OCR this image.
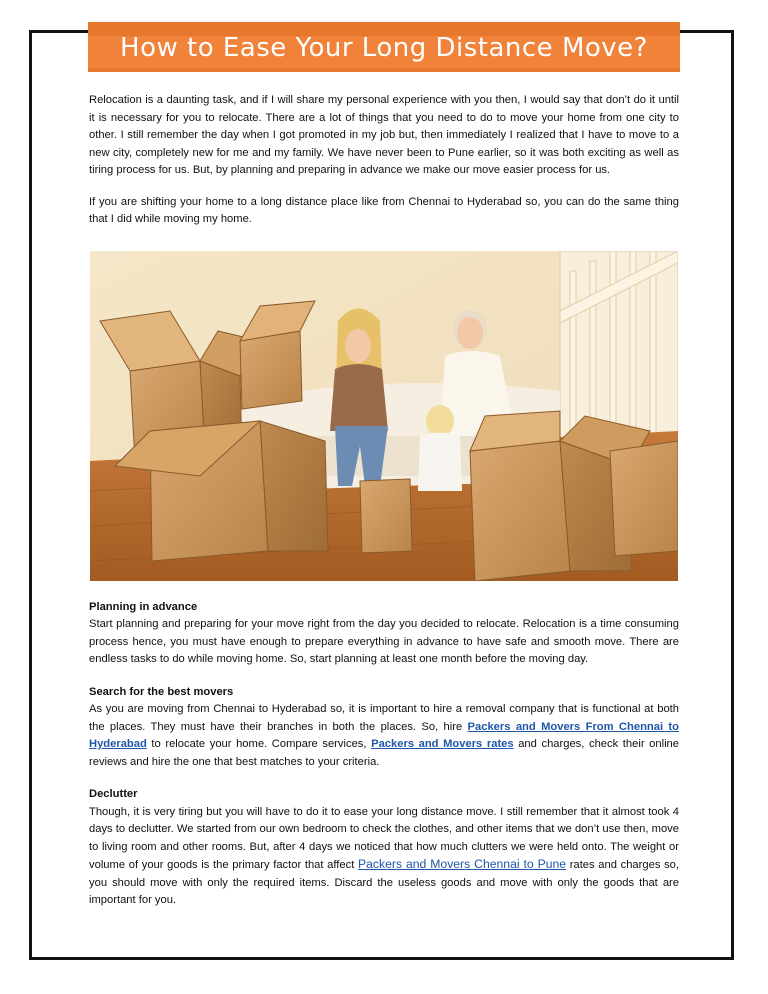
How to Ease Your Long Distance Move?

Relocation is a daunting task, and if I will share my personal experience with you then, I would say that don’t do it until it is necessary for you to relocate. There are a lot of things that you need to do to move your home from one city to other. I still remember the day when I got promoted in my job but, then immediately I realized that I have to move to a new city, completely new for me and my family. We have never been to Pune earlier, so it was both exciting as well as tiring process for us. But, by planning and preparing in advance we make our move easier process for us.

If you are shifting your home to a long distance place like from Chennai to Hyderabad so, you can do the same thing that I did while moving my home.

Planning in advance

Start planning and preparing for your move right from the day you decided to relocate. Relocation is a time consuming process hence, you must have enough to prepare everything in advance to have safe and smooth move. There are endless tasks to do while moving home. So, start planning at least one month before the moving day.

Search for the best movers

As you are moving from Chennai to Hyderabad so, it is important to hire a removal company that is functional at both the places. They must have their branches in both the places. So, hire Packers and Movers From Chennai to Hyderabad to relocate your home. Compare services, Packers and Movers rates and charges, check their online reviews and hire the one that best matches to your criteria.

Declutter

Though, it is very tiring but you will have to do it to ease your long distance move. I still remember that it almost took 4 days to declutter. We started from our own bedroom to check the clothes, and other items that we don’t use then, move to living room and other rooms. But, after 4 days we noticed that how much clutters we were held onto. The weight or volume of your goods is the primary factor that affect Packers and Movers Chennai to Pune rates and charges so, you should move with only the required items. Discard the useless goods and move with only the goods that are important for you.
